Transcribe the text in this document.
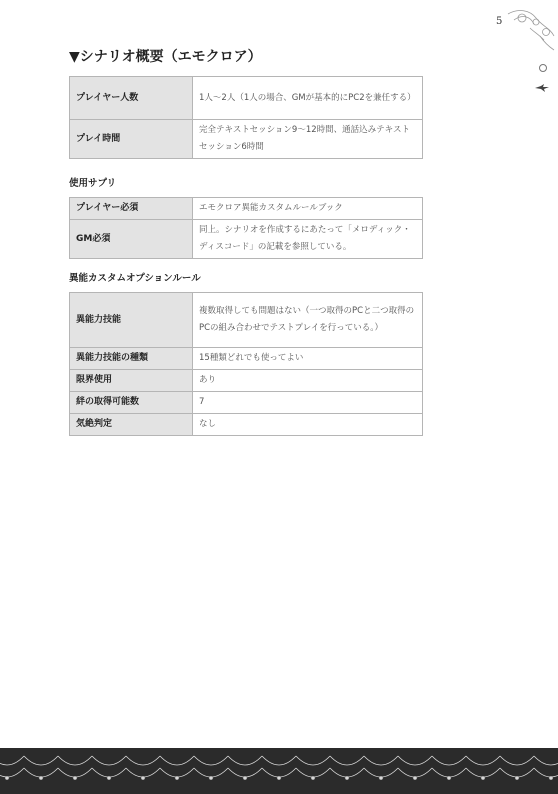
5
▼シナリオ概要（エモクロア）
プレイヤー人数	1人～2人（1人の場合、GMが基本的にPC2を兼任する）
プレイ時間	完全テキストセッション9～12時間、通話込みテキストセッション6時間
使用サプリ
プレイヤー必須	エモクロア異能カスタムルールブック
GM必須	同上。シナリオを作成するにあたって「メロディック・ディスコード」の記載を参照している。
異能カスタムオプションルール
異能力技能	複数取得しても問題はない（一つ取得のPCと二つ取得のPCの組み合わせでテストプレイを行っている。）
異能力技能の種類	15種類どれでも使ってよい
限界使用	あり
絆の取得可能数	7
気絶判定	なし
